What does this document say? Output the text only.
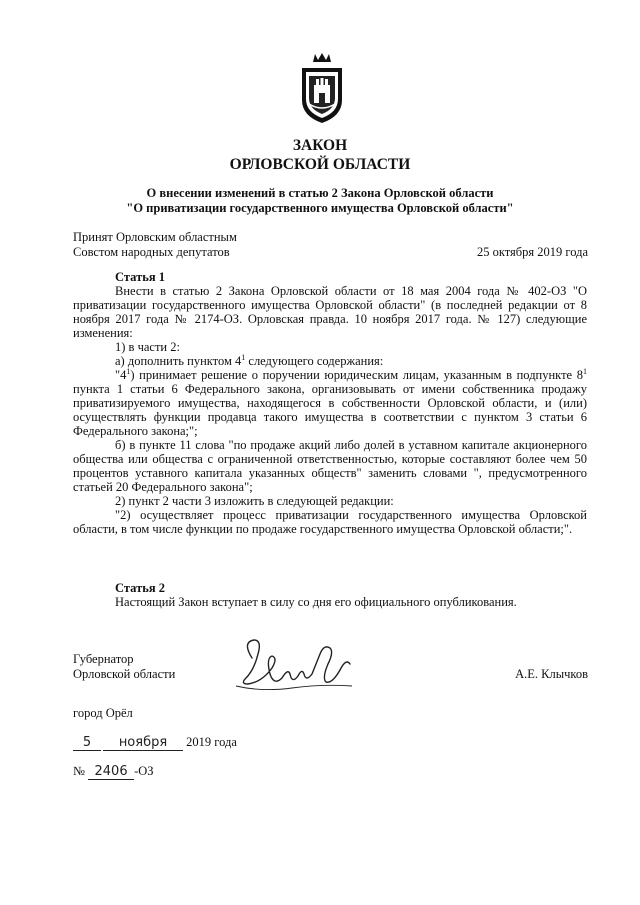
ЗАКОН
ОРЛОВСКОЙ ОБЛАСТИ
О внесении изменений в статью 2 Закона Орловской области
"О приватизации государственного имущества Орловской области"
Принят Орловским областным
Совстом народных депутатов	25 октября 2019 года

Статья 1

Внести в статью 2 Закона Орловской области от 18 мая 2004 года № 402-ОЗ "О приватизации государственного имущества Орловской области" (в последней редакции от 8 ноября 2017 года № 2174-ОЗ. Орловская правда. 10 ноября 2017 года. № 127) следующие изменения:

1) в части 2:

а) дополнить пунктом $4^1$ следующего содержания:

"$4^1$) принимает решение о поручении юридическим лицам, указанным в подпункте $8^1$ пункта 1 статьи 6 Федерального закона, организовывать от имени собственника продажу приватизируемого имущества, находящегося в собственности Орловской области, и (или) осуществлять функции продавца такого имущества в соответствии с пунктом 3 статьи 6 Федерального закона;";

б) в пункте 11 слова "по продаже акций либо долей в уставном капитале акционерного общества или общества с ограниченной ответственностью, которые составляют более чем 50 процентов уставного капитала указанных обществ" заменить словами ", предусмотренного статьей 20 Федерального закона";

2) пункт 2 части 3 изложить в следующей редакции:

"2) осуществляет процесс приватизации государственного имущества Орловской области, в том числе функции по продаже государственного имущества Орловской области;".

Статья 2

Настоящий Закон вступает в силу со дня его официального опубликования.

Губернатор
Орловской области	А.Е. Клычков
город Орёл
5 ноября 2019 года
№ 2406 -ОЗ
